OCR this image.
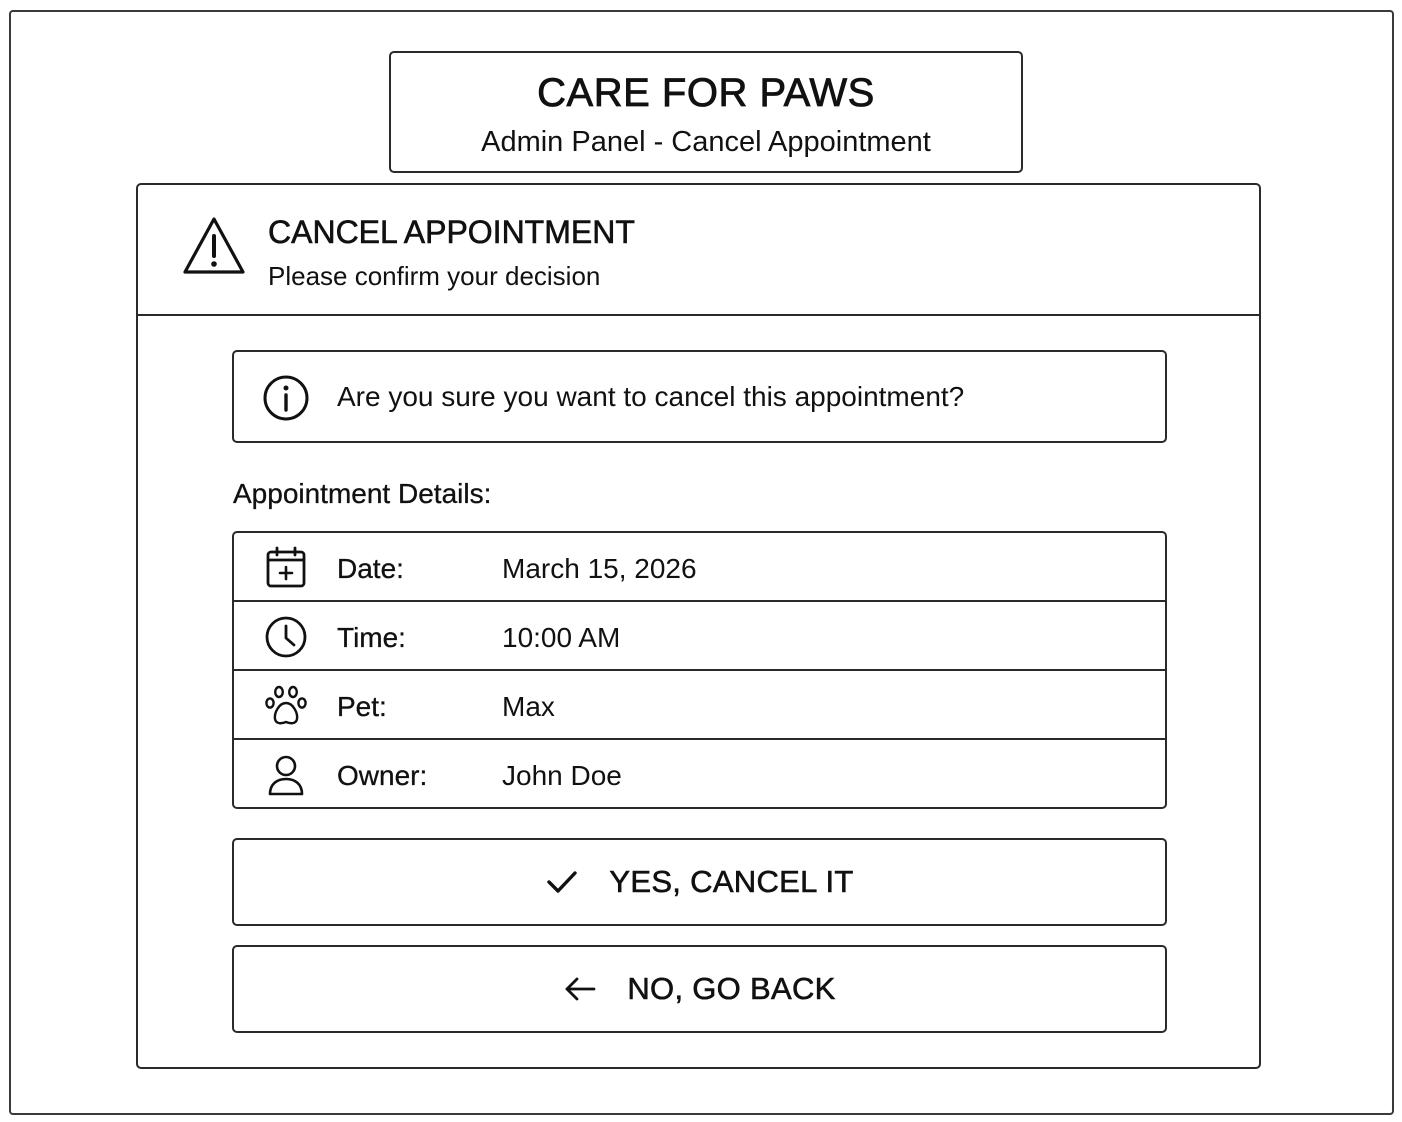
CARE FOR PAWS
Admin Panel - Cancel Appointment
CANCEL APPOINTMENT
Please confirm your decision
Are you sure you want to cancel this appointment?
Appointment Details:
Date:	March 15, 2026
Time:	10:00 AM
Pet:	Max
Owner:	John Doe
YES, CANCEL IT
NO, GO BACK
